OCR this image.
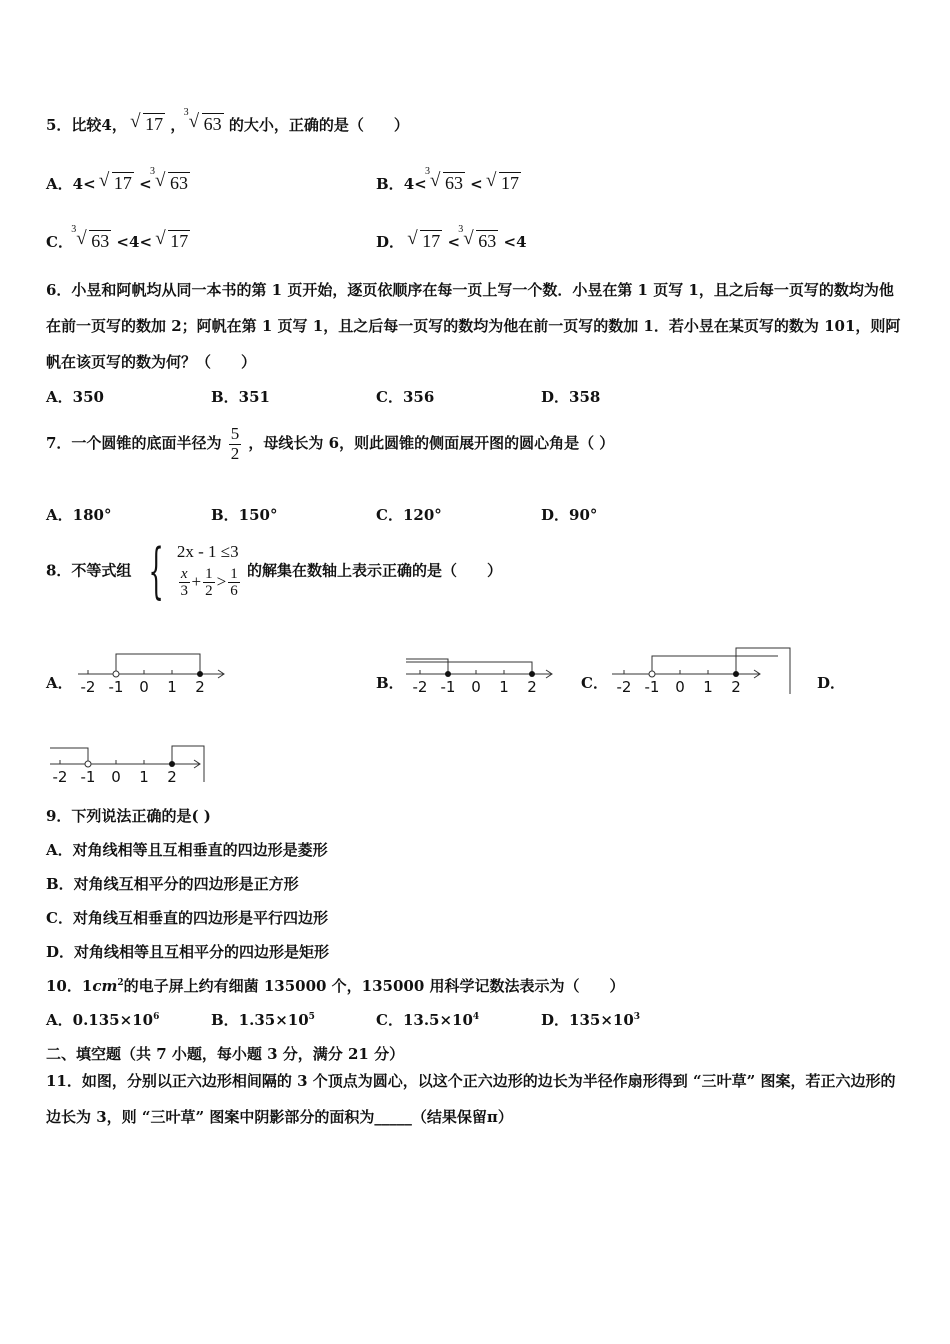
5．比较4， √ 17 ，
√ 3
63 的大小，正确的是（　　）
A．4< √ 17 <
√ 3
63	B．4<
√ 3
63 < √ 17
C．
√ 3
63 <4< √ 17	D． √ 17 <
√ 3
63 <4
6．小昱和阿帆均从同一本书的第 1 页开始，逐页依顺序在每一页上写一个数．小昱在第 1 页写 1，且之后每一页写的数均为他在前一页写的数加 2；阿帆在第 1 页写 1，且之后每一页写的数均为他在前一页写的数加 1．若小昱在某页写的数为 101，则阿帆在该页写的数为何？（　　）
A．350	B．351	C．356	D．358
7．一个圆锥的底面半径为 $\frac{5}{2}$ ，母线长为 6，则此圆锥的侧面展开图的圆心角是（ ）
A．180°	B．150°	C．120°	D．90°
8．不等式组 { 2x - 1 ≤3
$\frac{x}{3} + \frac{1}{2} > \frac{1}{6}$ 的解集在数轴上表示正确的是（　　）
A．	B．	C．	D．
-2 -1 0 1 2	-2 -1 0 1 2	-2 -1 0 1 2
-2 -1 0 1 2
9．下列说法正确的是( )
A．对角线相等且互相垂直的四边形是菱形
B．对角线互相平分的四边形是正方形
C．对角线互相垂直的四边形是平行四边形
D．对角线相等且互相平分的四边形是矩形
10．$1cm^2$的电子屏上约有细菌 135000 个，135000 用科学记数法表示为（　　）
A．$0.135\times 10^6$	B．$1.35\times 10^5$	C．$13.5\times 10^4$	D．$135\times 10^3$
二、填空题（共 7 小题，每小题 3 分，满分 21 分）
11．如图，分别以正六边形相间隔的 3 个顶点为圆心，以这个正六边形的边长为半径作扇形得到 “三叶草” 图案，若正六边形的边长为 3，则 “三叶草” 图案中阴影部分的面积为_____（结果保留π）
